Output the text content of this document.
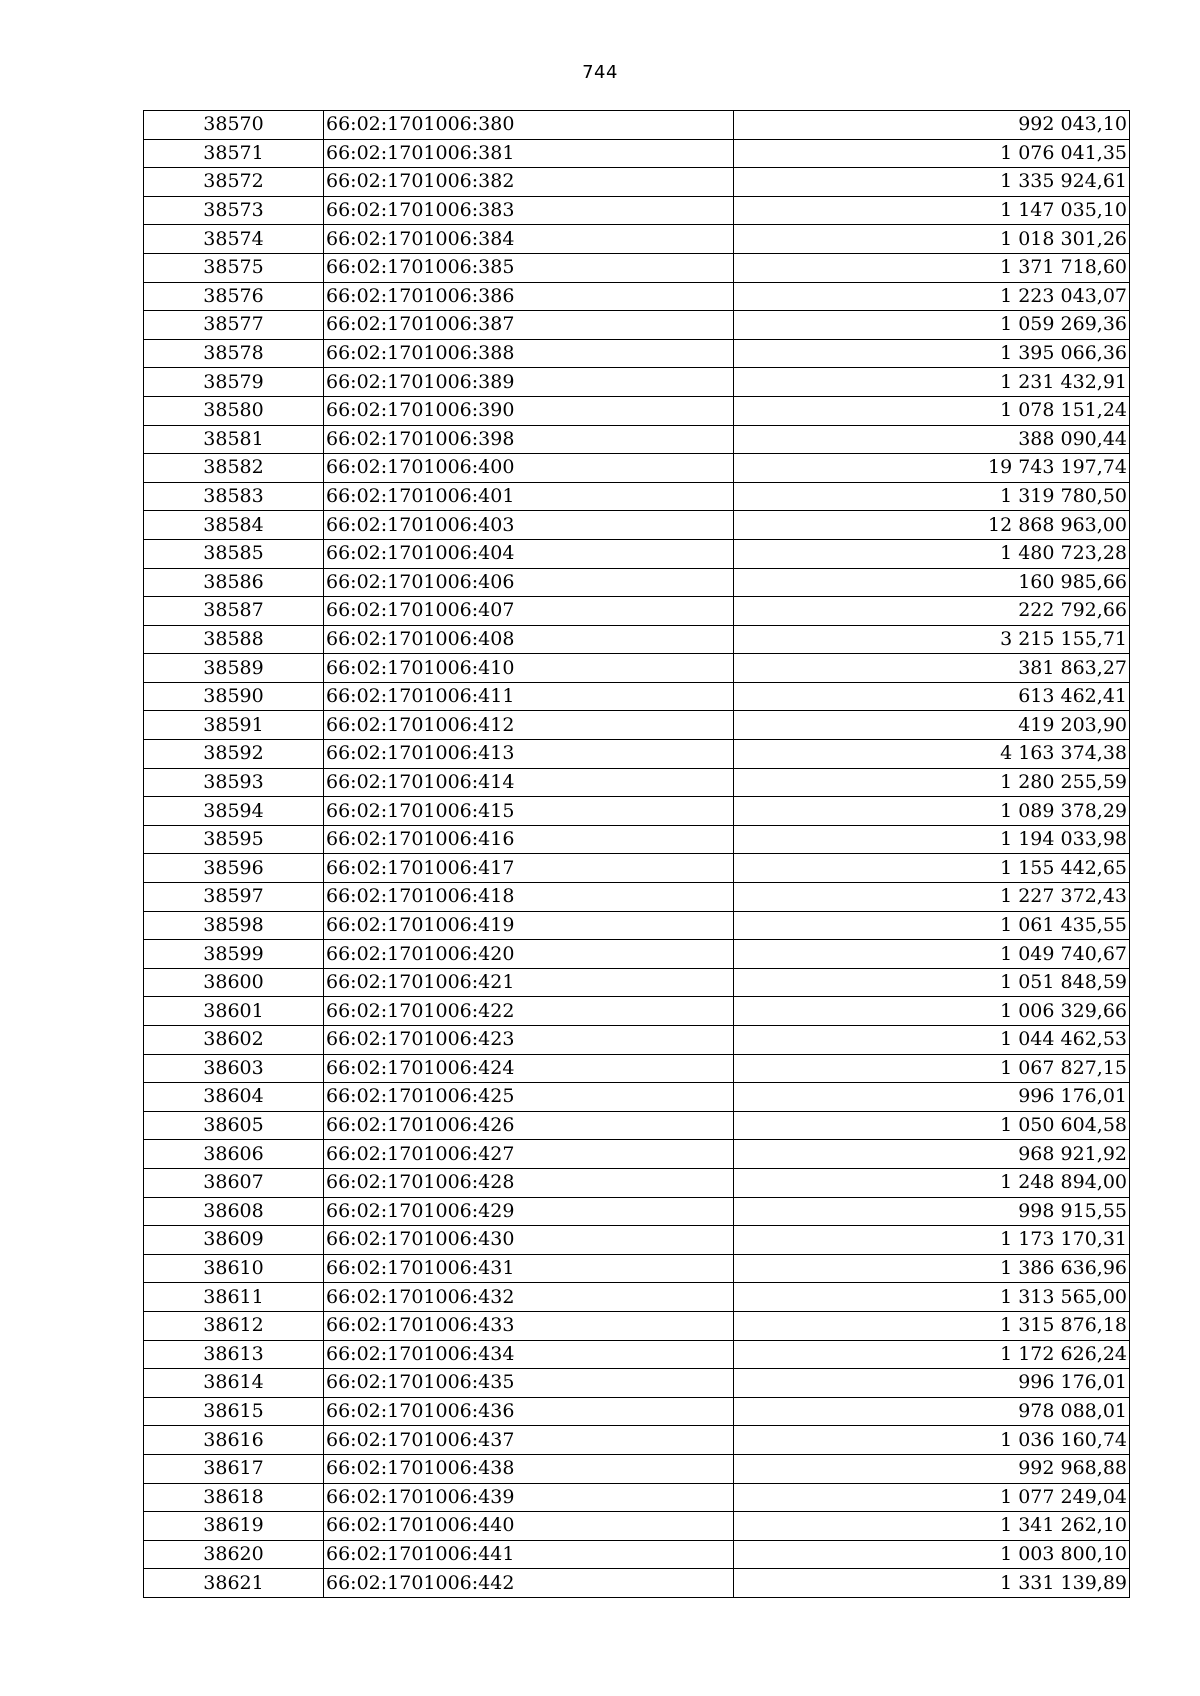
744
38570	66:02:1701006:380	992 043,10
38571	66:02:1701006:381	1 076 041,35
38572	66:02:1701006:382	1 335 924,61
38573	66:02:1701006:383	1 147 035,10
38574	66:02:1701006:384	1 018 301,26
38575	66:02:1701006:385	1 371 718,60
38576	66:02:1701006:386	1 223 043,07
38577	66:02:1701006:387	1 059 269,36
38578	66:02:1701006:388	1 395 066,36
38579	66:02:1701006:389	1 231 432,91
38580	66:02:1701006:390	1 078 151,24
38581	66:02:1701006:398	388 090,44
38582	66:02:1701006:400	19 743 197,74
38583	66:02:1701006:401	1 319 780,50
38584	66:02:1701006:403	12 868 963,00
38585	66:02:1701006:404	1 480 723,28
38586	66:02:1701006:406	160 985,66
38587	66:02:1701006:407	222 792,66
38588	66:02:1701006:408	3 215 155,71
38589	66:02:1701006:410	381 863,27
38590	66:02:1701006:411	613 462,41
38591	66:02:1701006:412	419 203,90
38592	66:02:1701006:413	4 163 374,38
38593	66:02:1701006:414	1 280 255,59
38594	66:02:1701006:415	1 089 378,29
38595	66:02:1701006:416	1 194 033,98
38596	66:02:1701006:417	1 155 442,65
38597	66:02:1701006:418	1 227 372,43
38598	66:02:1701006:419	1 061 435,55
38599	66:02:1701006:420	1 049 740,67
38600	66:02:1701006:421	1 051 848,59
38601	66:02:1701006:422	1 006 329,66
38602	66:02:1701006:423	1 044 462,53
38603	66:02:1701006:424	1 067 827,15
38604	66:02:1701006:425	996 176,01
38605	66:02:1701006:426	1 050 604,58
38606	66:02:1701006:427	968 921,92
38607	66:02:1701006:428	1 248 894,00
38608	66:02:1701006:429	998 915,55
38609	66:02:1701006:430	1 173 170,31
38610	66:02:1701006:431	1 386 636,96
38611	66:02:1701006:432	1 313 565,00
38612	66:02:1701006:433	1 315 876,18
38613	66:02:1701006:434	1 172 626,24
38614	66:02:1701006:435	996 176,01
38615	66:02:1701006:436	978 088,01
38616	66:02:1701006:437	1 036 160,74
38617	66:02:1701006:438	992 968,88
38618	66:02:1701006:439	1 077 249,04
38619	66:02:1701006:440	1 341 262,10
38620	66:02:1701006:441	1 003 800,10
38621	66:02:1701006:442	1 331 139,89
